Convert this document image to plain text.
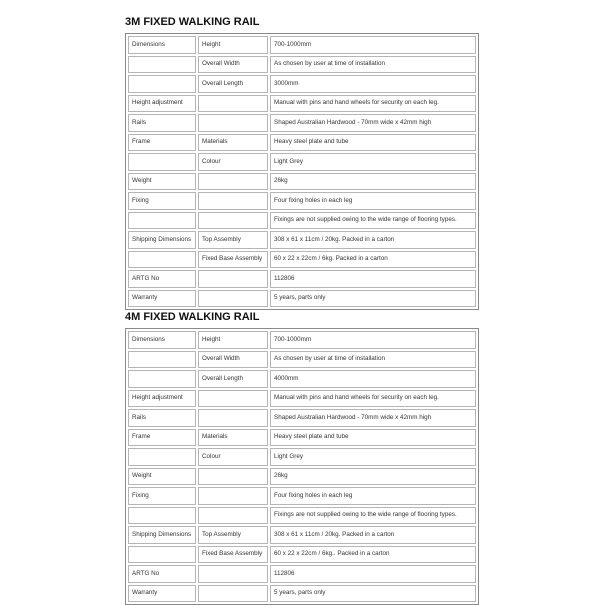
3M FIXED WALKING RAIL
Dimensions	Height	700-1000mm
	Overall Width	As chosen by user at time of installation
	Overall Length	3000mm
Height adjustment		Manual with pins and hand wheels for security on each leg.
Rails		Shaped Australian Hardwood - 70mm wide x 42mm high
Frame	Materials	Heavy steel plate and tube
	Colour	Light Grey
Weight		26kg
Fixing		Four fixing holes in each leg
		Fixings are not supplied owing to the wide range of flooring types.
Shipping Dimensions	Top Assembly	308 x 61 x 11cm / 20kg. Packed in a carton
	Fixed Base Assembly	60 x 22 x 22cm / 6kg. Packed in a carton
ARTG No		112806
Warranty		5 years, parts only
4M FIXED WALKING RAIL
Dimensions	Height	700-1000mm
	Overall Width	As chosen by user at time of installation
	Overall Length	4000mm
Height adjustment		Manual with pins and hand wheels for security on each leg.
Rails		Shaped Australian Hardwood - 70mm wide x 42mm high
Frame	Materials	Heavy steel plate and tube
	Colour	Light Grey
Weight		26kg
Fixing		Four fixing holes in each leg
		Fixings are not supplied owing to the wide range of flooring types.
Shipping Dimensions	Top Assembly	308 x 61 x 11cm / 20kg. Packed in a carton
	Fixed Base Assembly	60 x 22 x 22cm / 6kg.. Packed in a carton
ARTG No		112806
Warranty		5 years, parts only
